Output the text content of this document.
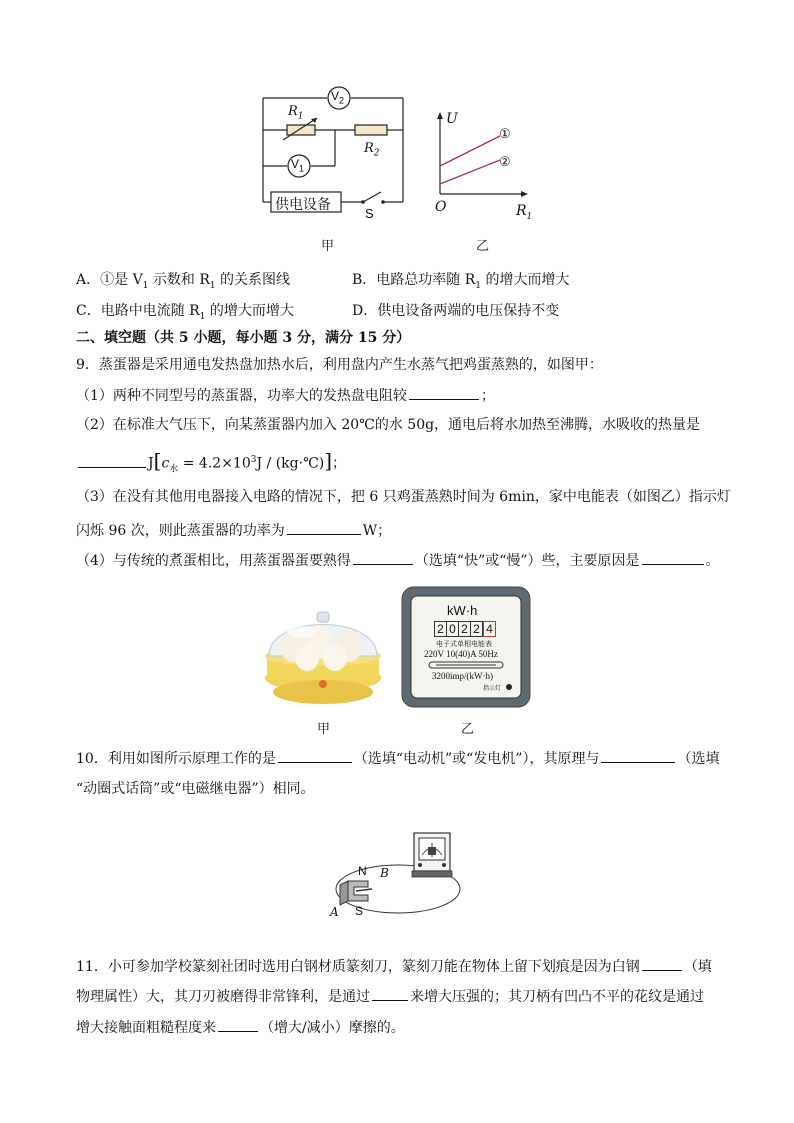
$V_2$
$V_1$
$R_1$
$R_2$
供电设备
S
甲
U
O	$R_1$
①
②
乙
A．①是 $V_1$ 示数和 $R_1$ 的关系图线	B．电路总功率随 $R_1$ 的增大而增大
C．电路中电流随 $R_1$ 的增大而增大	D．供电设备两端的电压保持不变
二、填空题（共 5 小题，每小题 3 分，满分 15 分）
9．蒸蛋器是采用通电发热盘加热水后，利用盘内产生水蒸气把鸡蛋蒸熟的，如图甲：
（1）两种不同型号的蒸蛋器，功率大的发热盘电阻较	；
（2）在标准大气压下，向某蒸蛋器内加入 20℃的水 50g，通电后将水加热至沸腾，水吸收的热量是
$J[c_水 = 4.2\times 10^3J$ / (kg·℃)]；
（3）在没有其他用电器接入电路的情况下，把 6 只鸡蛋蒸熟时间为 6min，家中电能表（如图乙）指示灯
闪烁 96 次，则此蒸蛋器的功率为	W；
（4）与传统的煮蛋相比，用蒸蛋器蛋要熟得	（选填“快”或“慢”）些，主要原因是	。
甲
kW·h
2 0 2 2 4
电子式单相电能表
220V 10(40)A 50Hz
3200imp/(kW·h)
指示灯
乙
10．利用如图所示原理工作的是	（选填“电动机”或“发电机”），其原理与	（选填
“动圈式话筒”或“电磁继电器”）相同。
N
S
A
B
11．小可参加学校篆刻社团时选用白钢材质篆刻刀，篆刻刀能在物体上留下划痕是因为白钢	（填
物理属性）大，其刀刃被磨得非常锋利，是通过	来增大压强的；其刀柄有凹凸不平的花纹是通过
增大接触面粗糙程度来	（增大/减小）摩擦的。
